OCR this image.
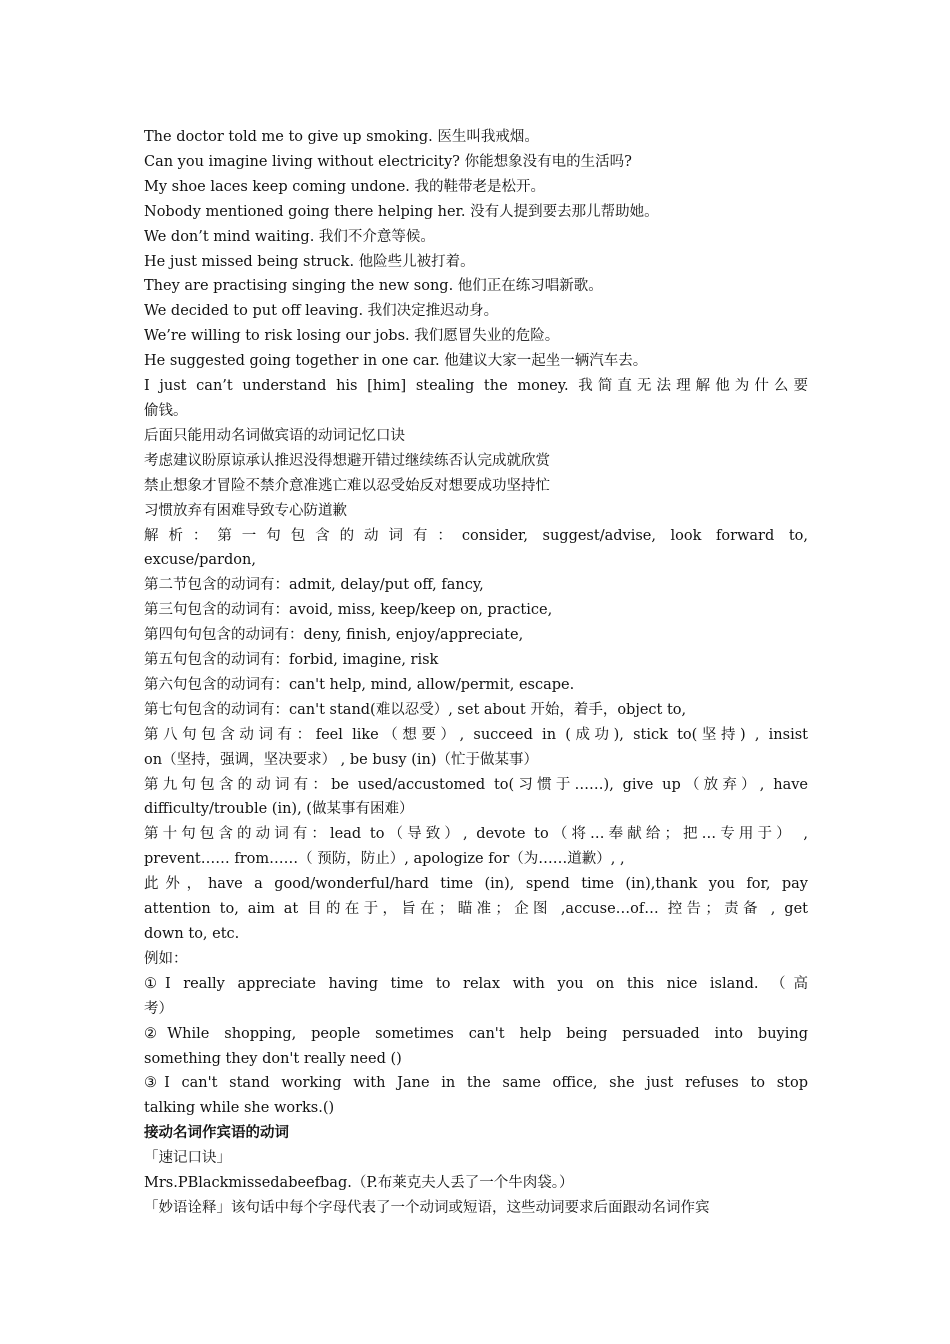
The doctor told me to give up smoking. 医生叫我戒烟。
Can you imagine living without electricity? 你能想象没有电的生活吗?
My shoe laces keep coming undone. 我的鞋带老是松开。
Nobody mentioned going there helping her. 没有人提到要去那儿帮助她。
We don’t mind waiting. 我们不介意等候。
He just missed being struck. 他险些儿被打着。
They are practising singing the new song. 他们正在练习唱新歌。
We decided to put off leaving. 我们决定推迟动身。
We’re willing to risk losing our jobs. 我们愿冒失业的危险。
He suggested going together in one car. 他建议大家一起坐一辆汽车去。
I just can’t understand his [him] stealing the money. 我简直无法理解他为什么要
偷钱。
后面只能用动名词做宾语的动词记忆口诀
考虑建议盼原谅承认推迟没得想避开错过继续练否认完成就欣赏
禁止想象才冒险不禁介意准逃亡难以忍受始反对想要成功坚持忙
习惯放弃有困难导致专心防道歉
解析：第一句包含的动词有：consider, suggest/advise, look forward to,
excuse/pardon,
第二节包含的动词有：admit, delay/put off, fancy,
第三句包含的动词有：avoid, miss, keep/keep on, practice,
第四句句包含的动词有：deny, finish, enjoy/appreciate,
第五句包含的动词有：forbid, imagine, risk
第六句包含的动词有：can't help, mind, allow/permit, escape.
第七句包含的动词有：can't stand(难以忍受）, set about 开始，着手，object to,
第八句包含动词有：feel like（想要）, succeed in (成功), stick to(坚持) , insist
on（坚持，强调，坚决要求） , be busy (in)（忙于做某事）
第九句包含的动词有：be used/accustomed to(习惯于……), give up（放弃）, have
difficulty/trouble (in), (做某事有困难）
第十句包含的动词有：lead to（导致）, devote to（将…奉献给；把…专用于） ,
prevent…… from……（ 预防，防止）, apologize for（为……道歉）, ,
此外，have a good/wonderful/hard time (in), spend time (in),thank you for, pay
attention to, aim at 目的在于，旨在；瞄准；企图 ,accuse…of… 控告；责备 , get
down to, etc.
例如：
①I really appreciate having time to relax with you on this nice island. （高
考）
②While shopping, people sometimes can't help being persuaded into buying
something they don't really need ()
③I can't stand working with Jane in the same office, she just refuses to stop
talking while she works.()
接动名词作宾语的动词
「速记口诀」
Mrs.PBlackmissedabeefbag.（P.布莱克夫人丢了一个牛肉袋。）
「妙语诠释」该句话中每个字母代表了一个动词或短语，这些动词要求后面跟动名词作宾
